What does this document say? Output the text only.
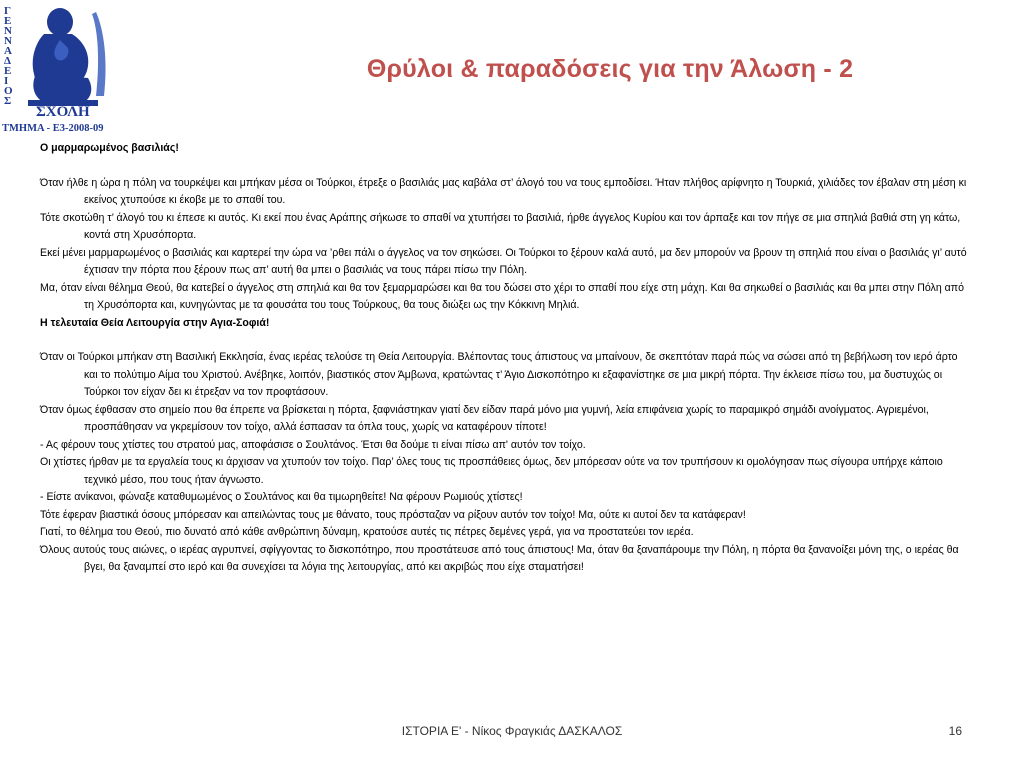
Γ Ε Ν Ν Α Δ Ε Ι Ο Σ
ΣΧΟΛΗ
ΤΜΗΜΑ - Ε3-2008-09
Θρύλοι & παραδόσεις για την Άλωση - 2

Ο μαρμαρωμένος βασιλιάς!

Όταν ήλθε η ώρα η πόλη να τουρκέψει και μπήκαν μέσα οι Τούρκοι, έτρεξε ο βασιλιάς μας καβάλα στ’ άλογό του να τους εμποδίσει. Ήταν πλήθος αρίφνητο η Τουρκιά, χιλιάδες τον έβαλαν στη μέση κι εκείνος χτυπούσε κι έκοβε με το σπαθί του.

Τότε σκοτώθη τ’ άλογό του κι έπεσε κι αυτός. Κι εκεί που ένας Αράπης σήκωσε το σπαθί να χτυπήσει το βασιλιά, ήρθε άγγελος Κυρίου και τον άρπαξε και τον πήγε σε μια σπηλιά βαθιά στη γη κάτω, κοντά στη Χρυσόπορτα.

Εκεί μένει μαρμαρωμένος ο βασιλιάς και καρτερεί την ώρα να ’ρθει πάλι ο άγγελος να τον σηκώσει. Οι Τούρκοι το ξέρουν καλά αυτό, μα δεν μπορούν να βρουν τη σπηλιά που είναι ο βασιλιάς γι’ αυτό έχτισαν την πόρτα που ξέρουν πως απ’ αυτή θα μπει ο βασιλιάς να τους πάρει πίσω την Πόλη.

Μα, όταν είναι θέλημα Θεού, θα κατεβεί ο άγγελος στη σπηλιά και θα τον ξεμαρμαρώσει και θα του δώσει στο χέρι το σπαθί που είχε στη μάχη. Και θα σηκωθεί ο βασιλιάς και θα μπει στην Πόλη από τη Χρυσόπορτα και, κυνηγώντας με τα φουσάτα του τους Τούρκους, θα τους διώξει ως την Κόκκινη Μηλιά.

Η τελευταία Θεία Λειτουργία στην Αγια-Σοφιά!

Όταν οι Τούρκοι μπήκαν στη Βασιλική Εκκλησία, ένας ιερέας τελούσε τη Θεία Λειτουργία. Βλέποντας τους άπιστους να μπαίνουν, δε σκεπτόταν παρά πώς να σώσει από τη βεβήλωση τον ιερό άρτο και το πολύτιμο Αίμα του Χριστού. Ανέβηκε, λοιπόν, βιαστικός στον Άμβωνα, κρατώντας τ’ Άγιο Δισκοπότηρο κι εξαφανίστηκε σε μια μικρή πόρτα. Την έκλεισε πίσω του, μα δυστυχώς οι Τούρκοι τον είχαν δει κι έτρεξαν να τον προφτάσουν.

Όταν όμως έφθασαν στο σημείο που θα έπρεπε να βρίσκεται η πόρτα, ξαφνιάστηκαν γιατί δεν είδαν παρά μόνο μια γυμνή, λεία επιφάνεια χωρίς το παραμικρό σημάδι ανοίγματος. Αγριεμένοι, προσπάθησαν να γκρεμίσουν τον τοίχο, αλλά έσπασαν τα όπλα τους, χωρίς να καταφέρουν τίποτε!

- Ας φέρουν τους χτίστες του στρατού μας, αποφάσισε ο Σουλτάνος. Έτσι θα δούμε τι είναι πίσω απ' αυτόν τον τοίχο.

Οι χτίστες ήρθαν με τα εργαλεία τους κι άρχισαν να χτυπούν τον τοίχο. Παρ’ όλες τους τις προσπάθειες όμως, δεν μπόρεσαν ούτε να τον τρυπήσουν κι ομολόγησαν πως σίγουρα υπήρχε κάποιο τεχνικό μέσο, που τους ήταν άγνωστο.

- Είστε ανίκανοι, φώναξε καταθυμωμένος ο Σουλτάνος και θα τιμωρηθείτε! Να φέρουν Ρωμιούς χτίστες!

Τότε έφεραν βιαστικά όσους μπόρεσαν και απειλώντας τους με θάνατο, τους πρόσταζαν να ρίξουν αυτόν τον τοίχο! Μα, ούτε κι αυτοί δεν τα κατάφεραν!

Γιατί, το θέλημα του Θεού, πιο δυνατό από κάθε ανθρώπινη δύναμη, κρατούσε αυτές τις πέτρες δεμένες γερά, για να προστατεύει τον ιερέα.

Όλους αυτούς τους αιώνες, ο ιερέας αγρυπνεί, σφίγγοντας το δισκοπότηρο, που προστάτευσε από τους άπιστους! Μα, όταν θα ξαναπάρουμε την Πόλη, η πόρτα θα ξανανοίξει μόνη της, ο ιερέας θα βγει, θα ξαναμπεί στο ιερό και θα συνεχίσει τα λόγια της λειτουργίας, από κει ακριβώς που είχε σταματήσει!

ΙΣΤΟΡΙΑ Ε' - Νίκος Φραγκιάς ΔΑΣΚΑΛΟΣ	16
